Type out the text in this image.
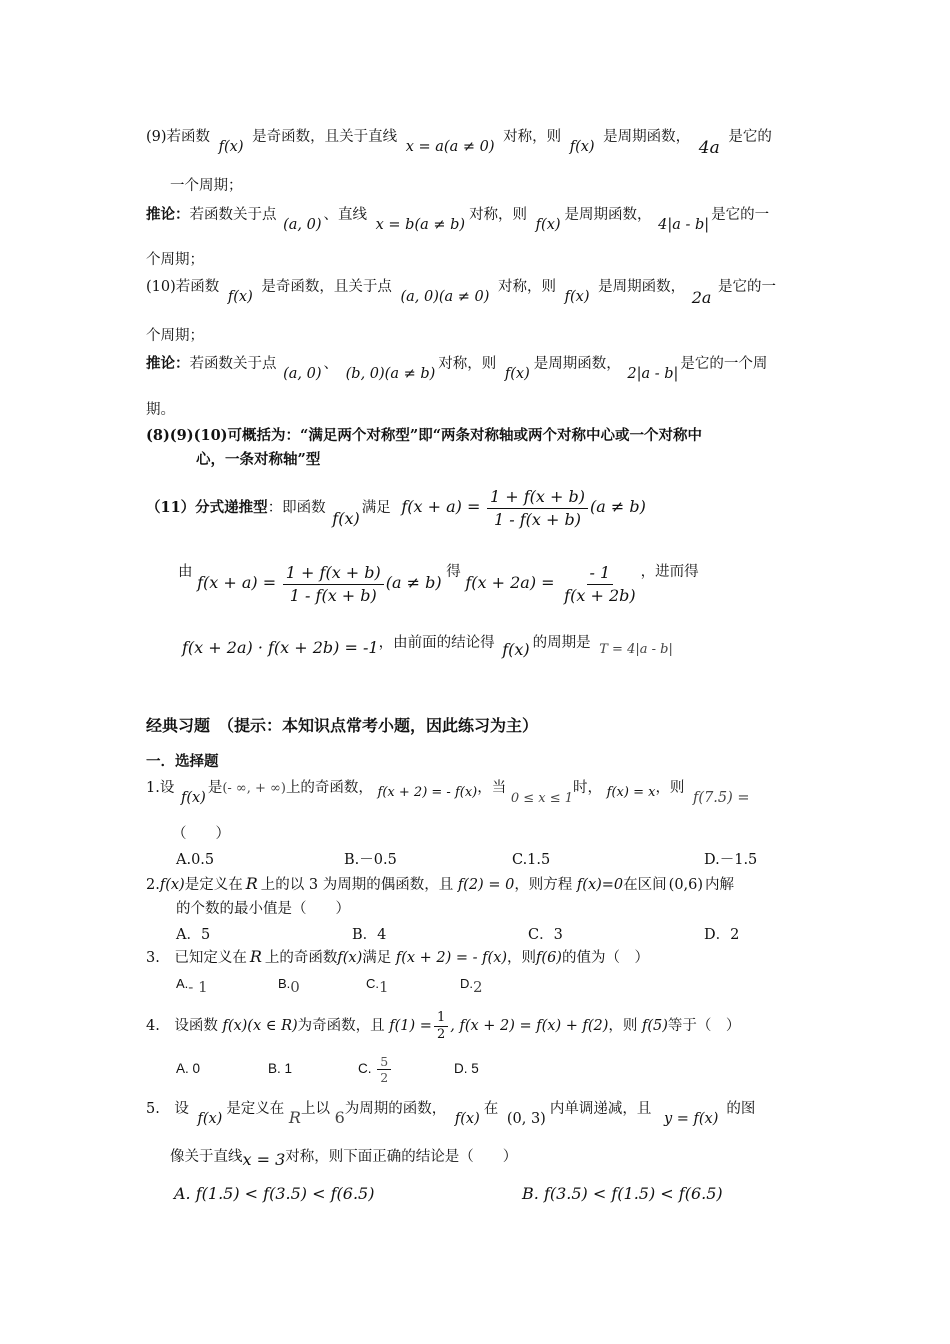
(9)若函数 f(x) 是奇函数，且关于直线 x = a(a ≠ 0) 对称，则 f(x) 是周期函数， 4a 是它的
一个周期；
推论：若函数关于点 (a, 0)、直线 x = b(a ≠ b)对称，则 f(x)是周期函数， 4|a - b|是它的一
个周期；
(10)若函数 f(x) 是奇函数，且关于点 (a, 0)(a ≠ 0) 对称，则 f(x) 是周期函数， 2a 是它的一
个周期；
推论：若函数关于点 (a, 0)、 (b, 0)(a ≠ b)对称，则 f(x)是周期函数， 2|a - b|是它的一个周
期。
(8)(9)(10)可概括为：“满足两个对称型”即“两条对称轴或两个对称中心或一个对称中
心，一条对称轴”型
（11）分式递推型：即函数 f(x)满足 $f(x + a) = \frac{1 + f(x + b)}{1 - f(x + b)} (a \ne b)$
由 $f(x + a) = \frac{1 + f(x + b)}{1 - f(x + b)} (a \ne b)$ 得 $f(x + 2a) = \frac{- 1}{f(x + 2b)}$ ，进而得
f(x + 2a) · f(x + 2b) = -1，由前面的结论得 f(x) 的周期是 T = 4|a - b|
经典习题　（提示：本知识点常考小题，因此练习为主）
一．选择题
1.设 f(x)是(- ∞, + ∞)上的奇函数， f(x + 2) = - f(x)，当 0 ≤ x ≤ 1时， f(x) = x，则 f(7.5) =
（　　）
A.0.5	B.－0.5	C.1.5	D.－1.5
2.f(x)是定义在 R 上的以 3 为周期的偶函数，且 f(2) = 0，则方程 f(x)=0在区间 (0,6) 内解
的个数的最小值是（　　）
A．5	B．4	C．3	D．2
3.　已知定义在 R 上的奇函数f(x)满足 f(x + 2) = - f(x)，则f(6)的值为（　）
A.- 1	B.0	C.1	D.2
4.　设函数 f(x)(x ∈ R)为奇函数，且 $f(1) = \frac{1}{2}$ , f(x + 2) = f(x) + f(2)，则 f(5)等于（　）
A. 0	B. 1	C. $\frac{5}{2}$	D. 5
5.　设 f(x)是定义在 R上以 6为周期的函数， f(x)在 (0, 3)内单调递减，且 y = f(x)的图
像关于直线x = 3对称，则下面正确的结论是（　　）
A. f(1.5) < f(3.5) < f(6.5)	B. f(3.5) < f(1.5) < f(6.5)
